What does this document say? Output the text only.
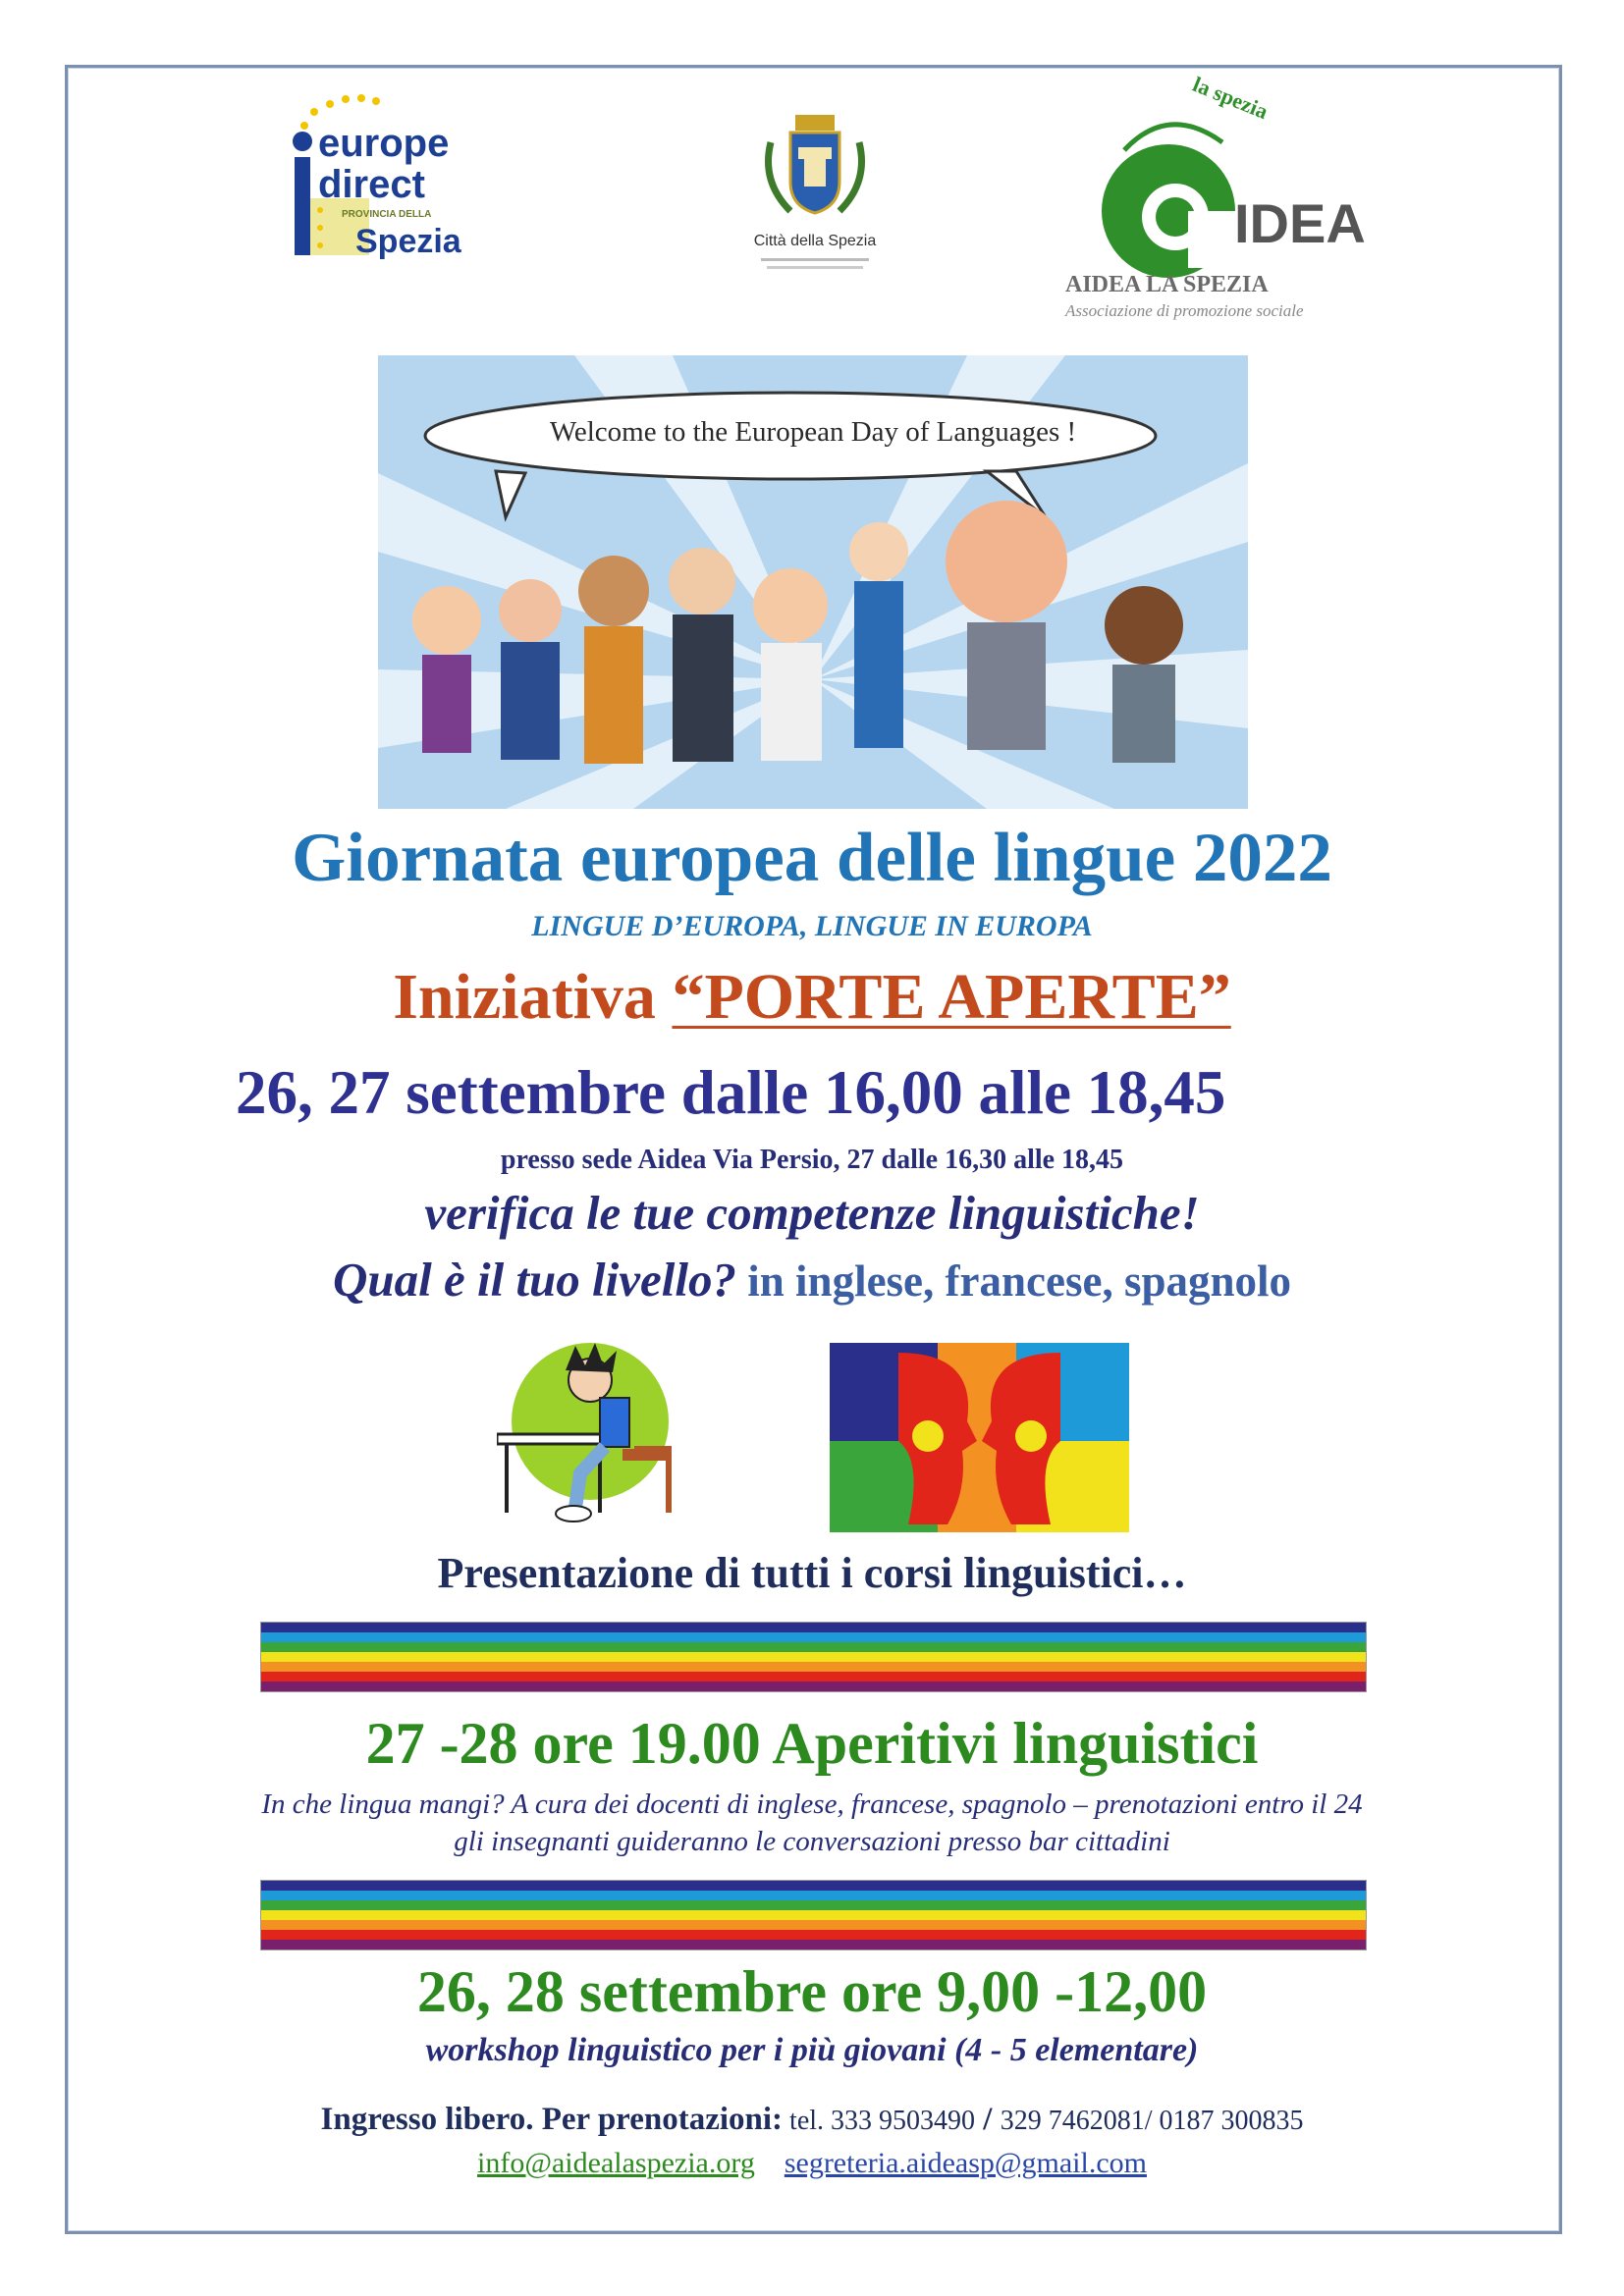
europe
direct
PROVINCIA DELLA
Spezia	Città della Spezia
la spezia
IDEA
AIDEA LA SPEZIA
Associazione di promozione sociale
Welcome to the European Day of Languages !
Giornata europea delle lingue 2022
LINGUE D’EUROPA, LINGUE IN EUROPA
Iniziativa “PORTE APERTE”
26, 27 settembre dalle 16,00 alle 18,45
presso sede Aidea Via Persio, 27 dalle 16,30 alle 18,45
verifica le tue competenze linguistiche!
Qual è il tuo livello? in inglese, francese, spagnolo
Presentazione di tutti i corsi linguistici…
27 -28 ore 19.00 Aperitivi linguistici
In che lingua mangi? A cura dei docenti di inglese, francese, spagnolo – prenotazioni entro il 24
gli insegnanti guideranno le conversazioni presso bar cittadini
26, 28 settembre ore 9,00 -12,00
workshop linguistico per i più giovani (4 - 5 elementare)
Ingresso libero. Per prenotazioni: tel. 333 9503490 / 329 7462081/ 0187 300835
info@aidealaspezia.org segreteria.aideasp@gmail.com
